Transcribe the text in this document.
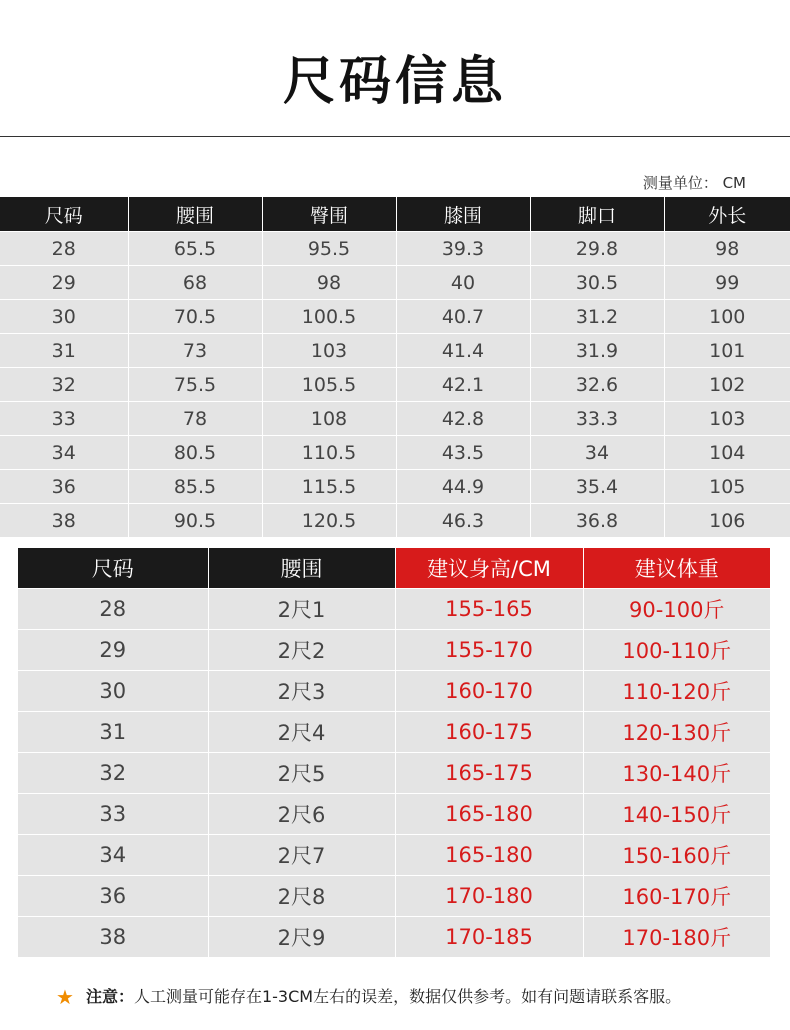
尺码信息
测量单位： CM
尺码	腰围	臀围	膝围	脚口	外长
28	65.5	95.5	39.3	29.8	98
29	68	98	40	30.5	99
30	70.5	100.5	40.7	31.2	100
31	73	103	41.4	31.9	101
32	75.5	105.5	42.1	32.6	102
33	78	108	42.8	33.3	103
34	80.5	110.5	43.5	34	104
36	85.5	115.5	44.9	35.4	105
38	90.5	120.5	46.3	36.8	106
尺码	腰围	建议身高/CM	建议体重
28	2尺1	155-165	90-100斤
29	2尺2	155-170	100-110斤
30	2尺3	160-170	110-120斤
31	2尺4	160-175	120-130斤
32	2尺5	165-175	130-140斤
33	2尺6	165-180	140-150斤
34	2尺7	165-180	150-160斤
36	2尺8	170-180	160-170斤
38	2尺9	170-185	170-180斤
★ 注意：人工测量可能存在1-3CM左右的误差，数据仅供参考。如有问题请联系客服。
